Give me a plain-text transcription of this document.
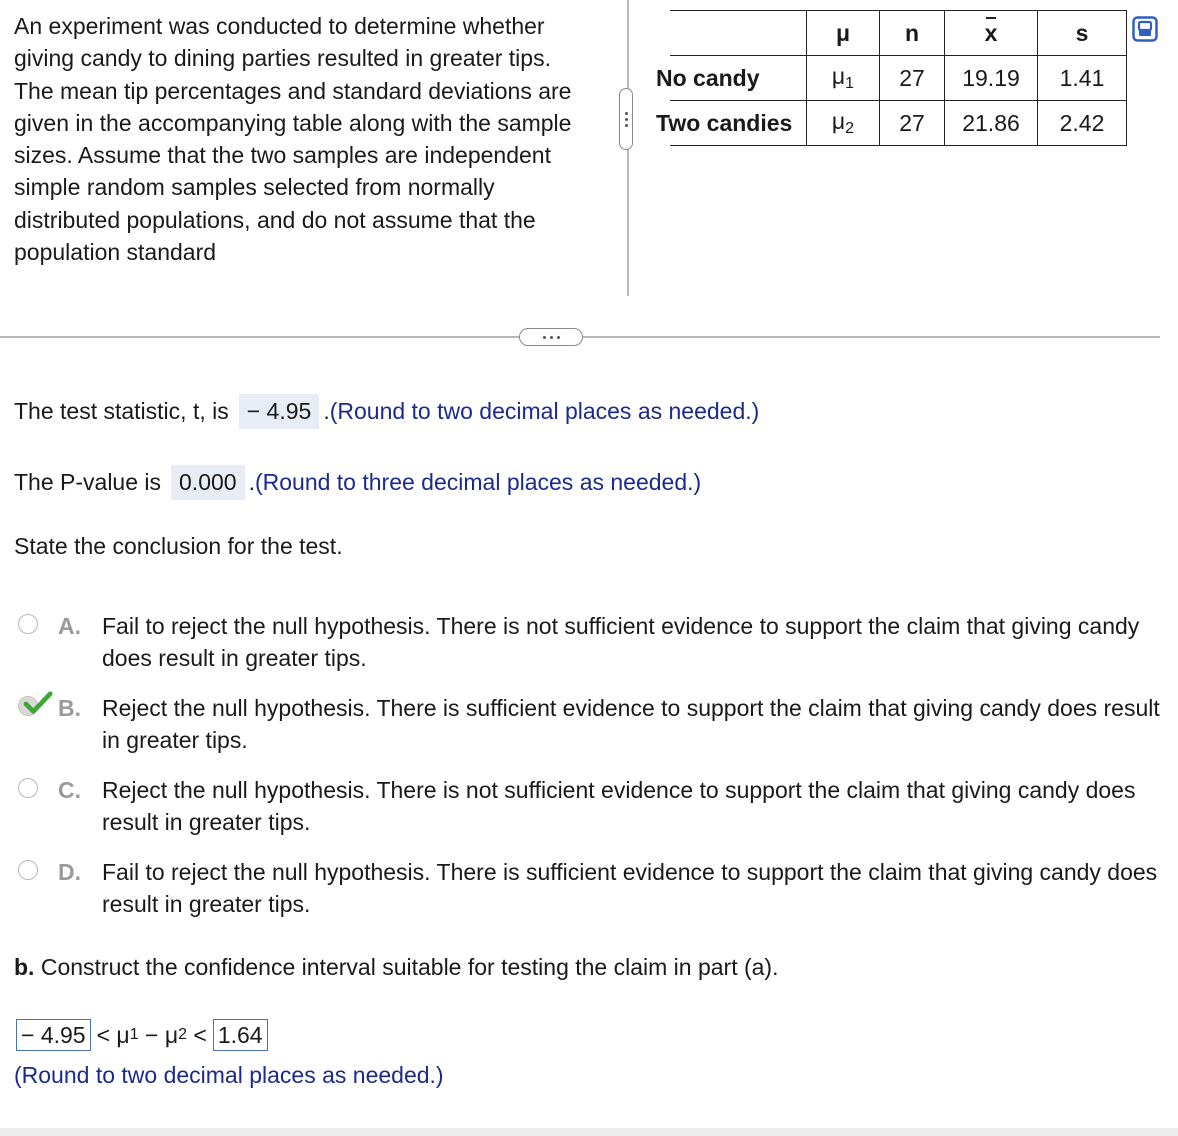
An experiment was conducted to determine whether giving candy to dining parties resulted in greater tips. The mean tip percentages and standard deviations are given in the accompanying table along with the sample sizes. Assume that the two samples are independent simple random samples selected from normally distributed populations, and do not assume that the population standard
	μ	n	x	s
No candy	$\mu_1$	27	19.19	1.41
Two candies	$\mu_2$	27	21.86	2.42
The test statistic, t, is − 4.95 . (Round to two decimal places as needed.)
The P-value is 0.000 . (Round to three decimal places as needed.)
State the conclusion for the test.
A. Fail to reject the null hypothesis. There is not sufficient evidence to support the claim that giving candy does result in greater tips.
B. Reject the null hypothesis. There is sufficient evidence to support the claim that giving candy does result in greater tips.
C. Reject the null hypothesis. There is not sufficient evidence to support the claim that giving candy does result in greater tips.
D. Fail to reject the null hypothesis. There is sufficient evidence to support the claim that giving candy does result in greater tips.
b. Construct the confidence interval suitable for testing the claim in part (a).
− 4.95 <
μ 1
−
μ 2
< 1.64
(Round to two decimal places as needed.)
